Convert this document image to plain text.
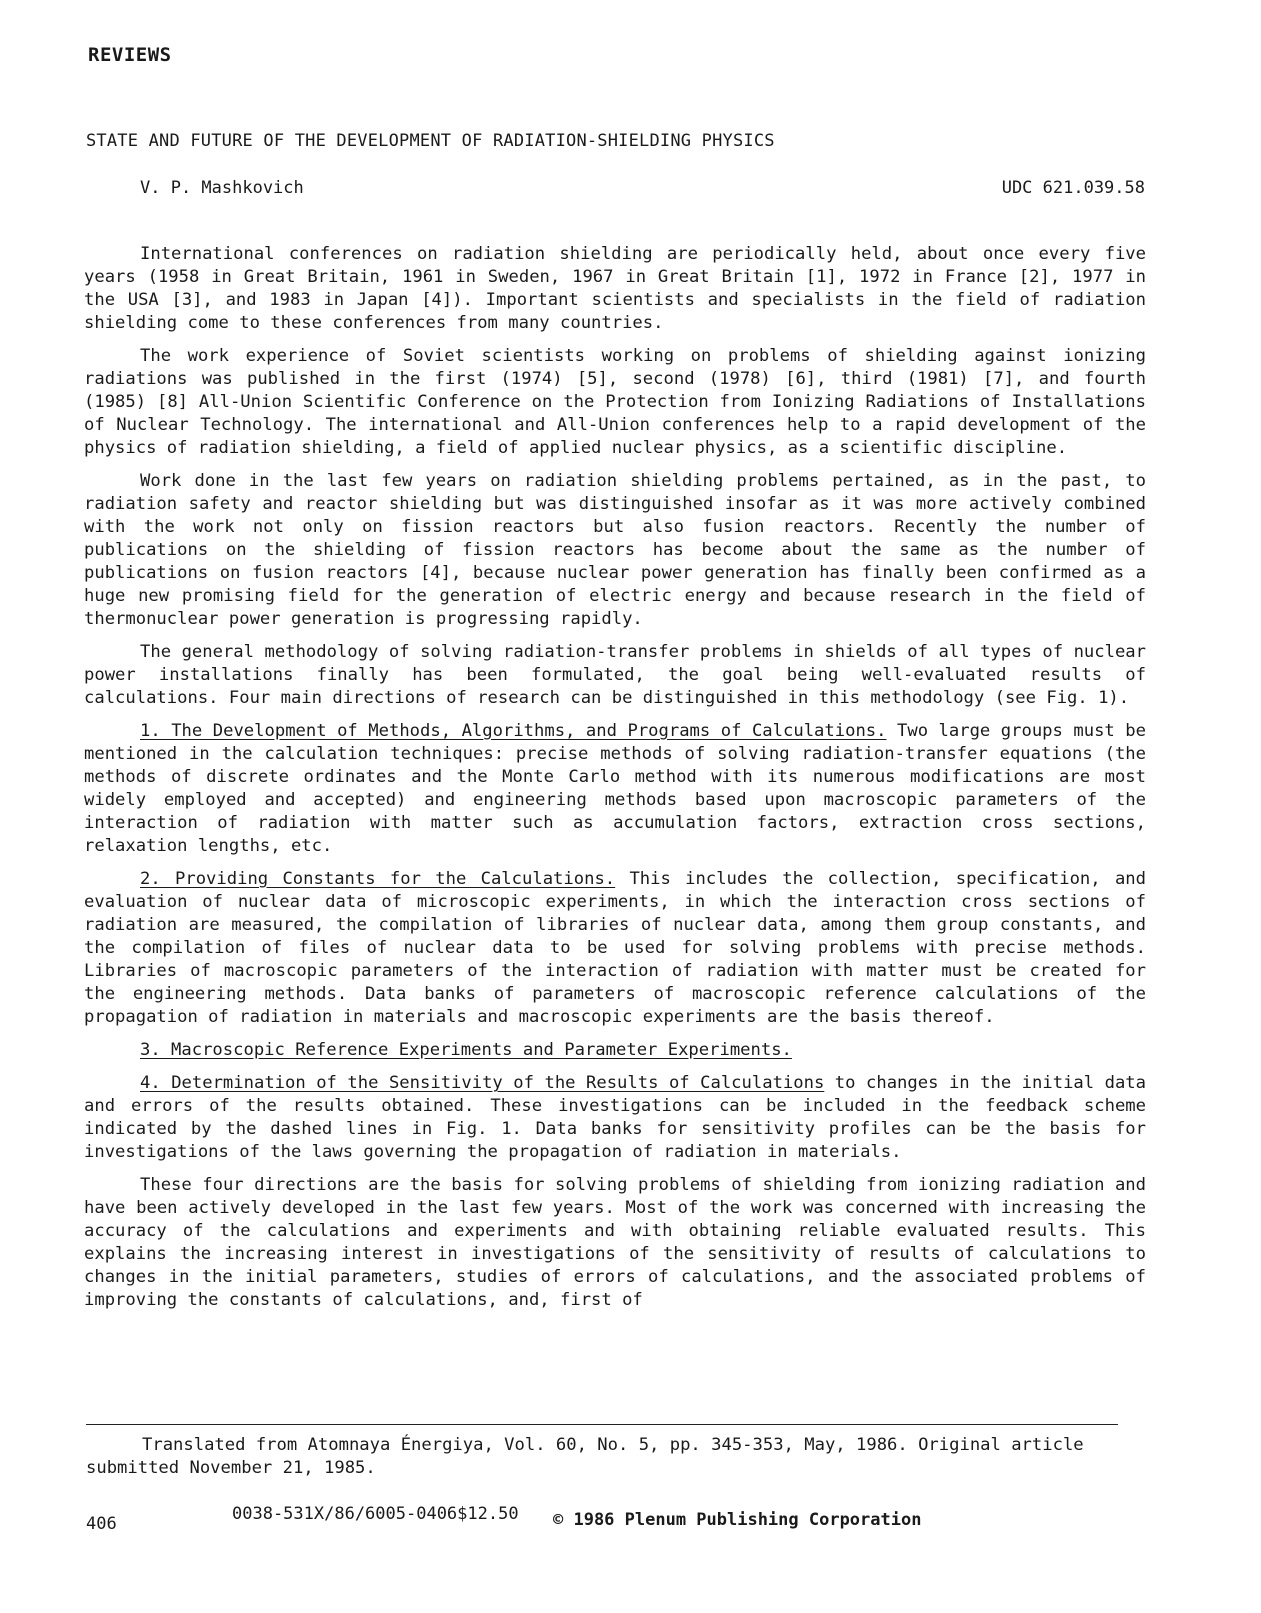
REVIEWS
STATE AND FUTURE OF THE DEVELOPMENT OF RADIATION-SHIELDING PHYSICS
V. P. Mashkovich	UDC 621.039.58

International conferences on radiation shielding are periodically held, about once every five years (1958 in Great Britain, 1961 in Sweden, 1967 in Great Britain [1], 1972 in France [2], 1977 in the USA [3], and 1983 in Japan [4]). Important scientists and specialists in the field of radiation shielding come to these conferences from many countries.

The work experience of Soviet scientists working on problems of shielding against ionizing radiations was published in the first (1974) [5], second (1978) [6], third (1981) [7], and fourth (1985) [8] All-Union Scientific Conference on the Protection from Ionizing Radiations of Installations of Nuclear Technology. The international and All-Union conferences help to a rapid development of the physics of radiation shielding, a field of applied nuclear physics, as a scientific discipline.

Work done in the last few years on radiation shielding problems pertained, as in the past, to radiation safety and reactor shielding but was distinguished insofar as it was more actively combined with the work not only on fission reactors but also fusion reactors. Recently the number of publications on the shielding of fission reactors has become about the same as the number of publications on fusion reactors [4], because nuclear power generation has finally been confirmed as a huge new promising field for the generation of electric energy and because research in the field of thermonuclear power generation is progressing rapidly.

The general methodology of solving radiation-transfer problems in shields of all types of nuclear power installations finally has been formulated, the goal being well-evaluated results of calculations. Four main directions of research can be distinguished in this methodology (see Fig. 1).

1. The Development of Methods, Algorithms, and Programs of Calculations. Two large groups must be mentioned in the calculation techniques: precise methods of solving radiation-transfer equations (the methods of discrete ordinates and the Monte Carlo method with its numerous modifications are most widely employed and accepted) and engineering methods based upon macroscopic parameters of the interaction of radiation with matter such as accumulation factors, extraction cross sections, relaxation lengths, etc.

2. Providing Constants for the Calculations. This includes the collection, specification, and evaluation of nuclear data of microscopic experiments, in which the interaction cross sections of radiation are measured, the compilation of libraries of nuclear data, among them group constants, and the compilation of files of nuclear data to be used for solving problems with precise methods. Libraries of macroscopic parameters of the interaction of radiation with matter must be created for the engineering methods. Data banks of parameters of macroscopic reference calculations of the propagation of radiation in materials and macroscopic experiments are the basis thereof.

3. Macroscopic Reference Experiments and Parameter Experiments.

4. Determination of the Sensitivity of the Results of Calculations to changes in the initial data and errors of the results obtained. These investigations can be included in the feedback scheme indicated by the dashed lines in Fig. 1. Data banks for sensitivity profiles can be the basis for investigations of the laws governing the propagation of radiation in materials.

These four directions are the basis for solving problems of shielding from ionizing radiation and have been actively developed in the last few years. Most of the work was concerned with increasing the accuracy of the calculations and experiments and with obtaining reliable evaluated results. This explains the increasing interest in investigations of the sensitivity of results of calculations to changes in the initial parameters, studies of errors of calculations, and the associated problems of improving the constants of calculations, and, first of

Translated from Atomnaya Énergiya, Vol. 60, No. 5, pp. 345-353, May, 1986. Original article submitted November 21, 1985.

406	0038-531X/86/6005-0406$12.50 © 1986 Plenum Publishing Corporation
